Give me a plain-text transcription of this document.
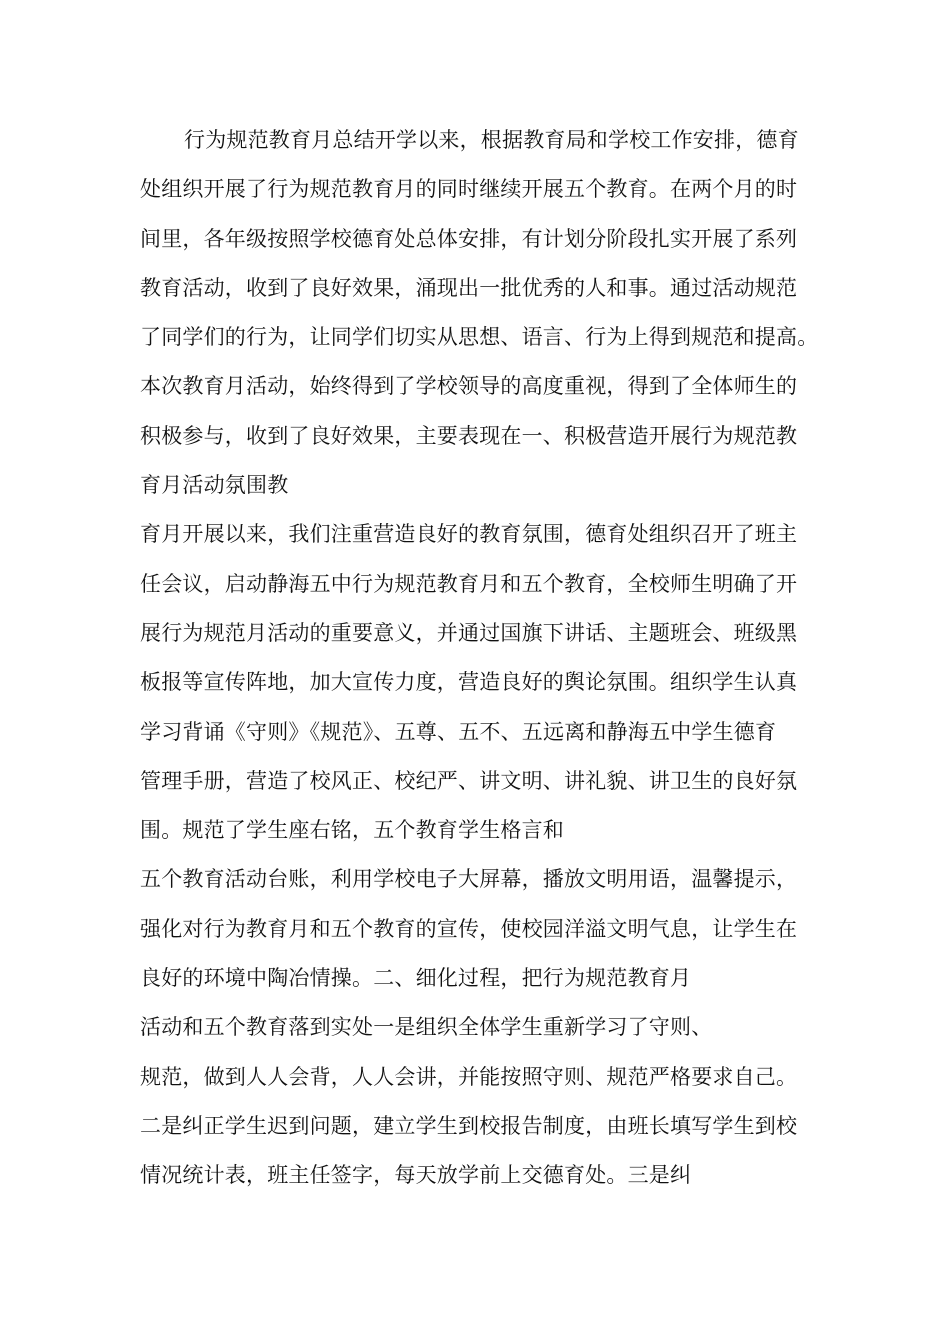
行为规范教育月总结开学以来，根据教育局和学校工作安排，德育
处组织开展了行为规范教育月的同时继续开展五个教育。在两个月的时
间里，各年级按照学校德育处总体安排，有计划分阶段扎实开展了系列
教育活动，收到了良好效果，涌现出一批优秀的人和事。通过活动规范
了同学们的行为，让同学们切实从思想、语言、行为上得到规范和提高。
本次教育月活动，始终得到了学校领导的高度重视，得到了全体师生的
积极参与，收到了良好效果，主要表现在一、积极营造开展行为规范教
育月活动氛围教
育月开展以来，我们注重营造良好的教育氛围，德育处组织召开了班主
任会议，启动静海五中行为规范教育月和五个教育，全校师生明确了开
展行为规范月活动的重要意义，并通过国旗下讲话、主题班会、班级黑
板报等宣传阵地，加大宣传力度，营造良好的舆论氛围。组织学生认真
学习背诵《守则》《规范》、五尊、五不、五远离和静海五中学生德育
管理手册，营造了校风正、校纪严、讲文明、讲礼貌、讲卫生的良好氛
围。规范了学生座右铭，五个教育学生格言和
五个教育活动台账，利用学校电子大屏幕，播放文明用语，温馨提示，
强化对行为教育月和五个教育的宣传，使校园洋溢文明气息，让学生在
良好的环境中陶冶情操。二、细化过程，把行为规范教育月
活动和五个教育落到实处一是组织全体学生重新学习了守则、
规范，做到人人会背，人人会讲，并能按照守则、规范严格要求自己。
二是纠正学生迟到问题，建立学生到校报告制度，由班长填写学生到校
情况统计表，班主任签字，每天放学前上交德育处。三是纠
